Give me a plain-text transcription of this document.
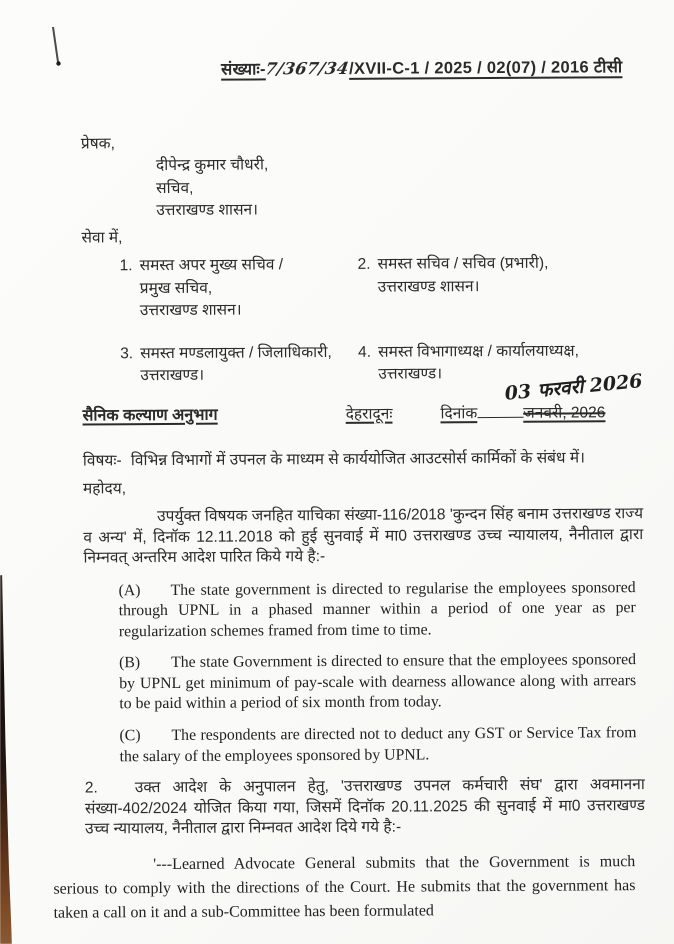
संख्याः-7/367/34/XVII-C-1 / 2025 / 02(07) / 2016 टीसी
प्रेषक,
दीपेन्द्र कुमार चौधरी,
सचिव,
उत्तराखण्ड शासन।
सेवा में,
1. समस्त अपर मुख्य सचिव /
प्रमुख सचिव,
उत्तराखण्ड शासन।
2. समस्त सचिव / सचिव (प्रभारी),
उत्तराखण्ड शासन।
3. समस्त मण्डलायुक्त / जिलाधिकारी,
उत्तराखण्ड।
4. समस्त विभागाध्यक्ष / कार्यालयाध्यक्ष,
उत्तराखण्ड।
सैनिक कल्याण अनुभाग	देहरादूनः	दिनांक	जनवरी, 2026
03 फरवरी 2026
विषयः- विभिन्न विभागों में उपनल के माध्यम से कार्ययोजित आउटसोर्स कार्मिकों के संबंध में।
महोदय,
उपर्युक्त विषयक जनहित याचिका संख्या-116/2018 'कुन्दन सिंह बनाम उत्तराखण्ड राज्य व अन्य' में, दिनॉक 12.11.2018 को हुई सुनवाई में मा0 उत्तराखण्ड उच्च न्यायालय, नैनीताल द्वारा निम्नवत् अन्तरिम आदेश पारित किये गये है:-

(A) The state government is directed to regularise the employees sponsored through UPNL in a phased manner within a period of one year as per regularization schemes framed from time to time.

(B) The state Government is directed to ensure that the employees sponsored by UPNL get minimum of pay-scale with dearness allowance along with arrears to be paid within a period of six month from today.

(C) The respondents are directed not to deduct any GST or Service Tax from the salary of the employees sponsored by UPNL.

2. उक्त आदेश के अनुपालन हेतु, 'उत्तराखण्ड उपनल कर्मचारी संघ' द्वारा अवमानना संख्या-402/2024 योजित किया गया, जिसमें दिनॉक 20.11.2025 की सुनवाई में मा0 उत्तराखण्ड उच्च न्यायालय, नैनीताल द्वारा निम्नवत आदेश दिये गये है:-
'---Learned Advocate General submits that the Government is much serious to comply with the directions of the Court. He submits that the government has taken a call on it and a sub-Committee has been formulated
